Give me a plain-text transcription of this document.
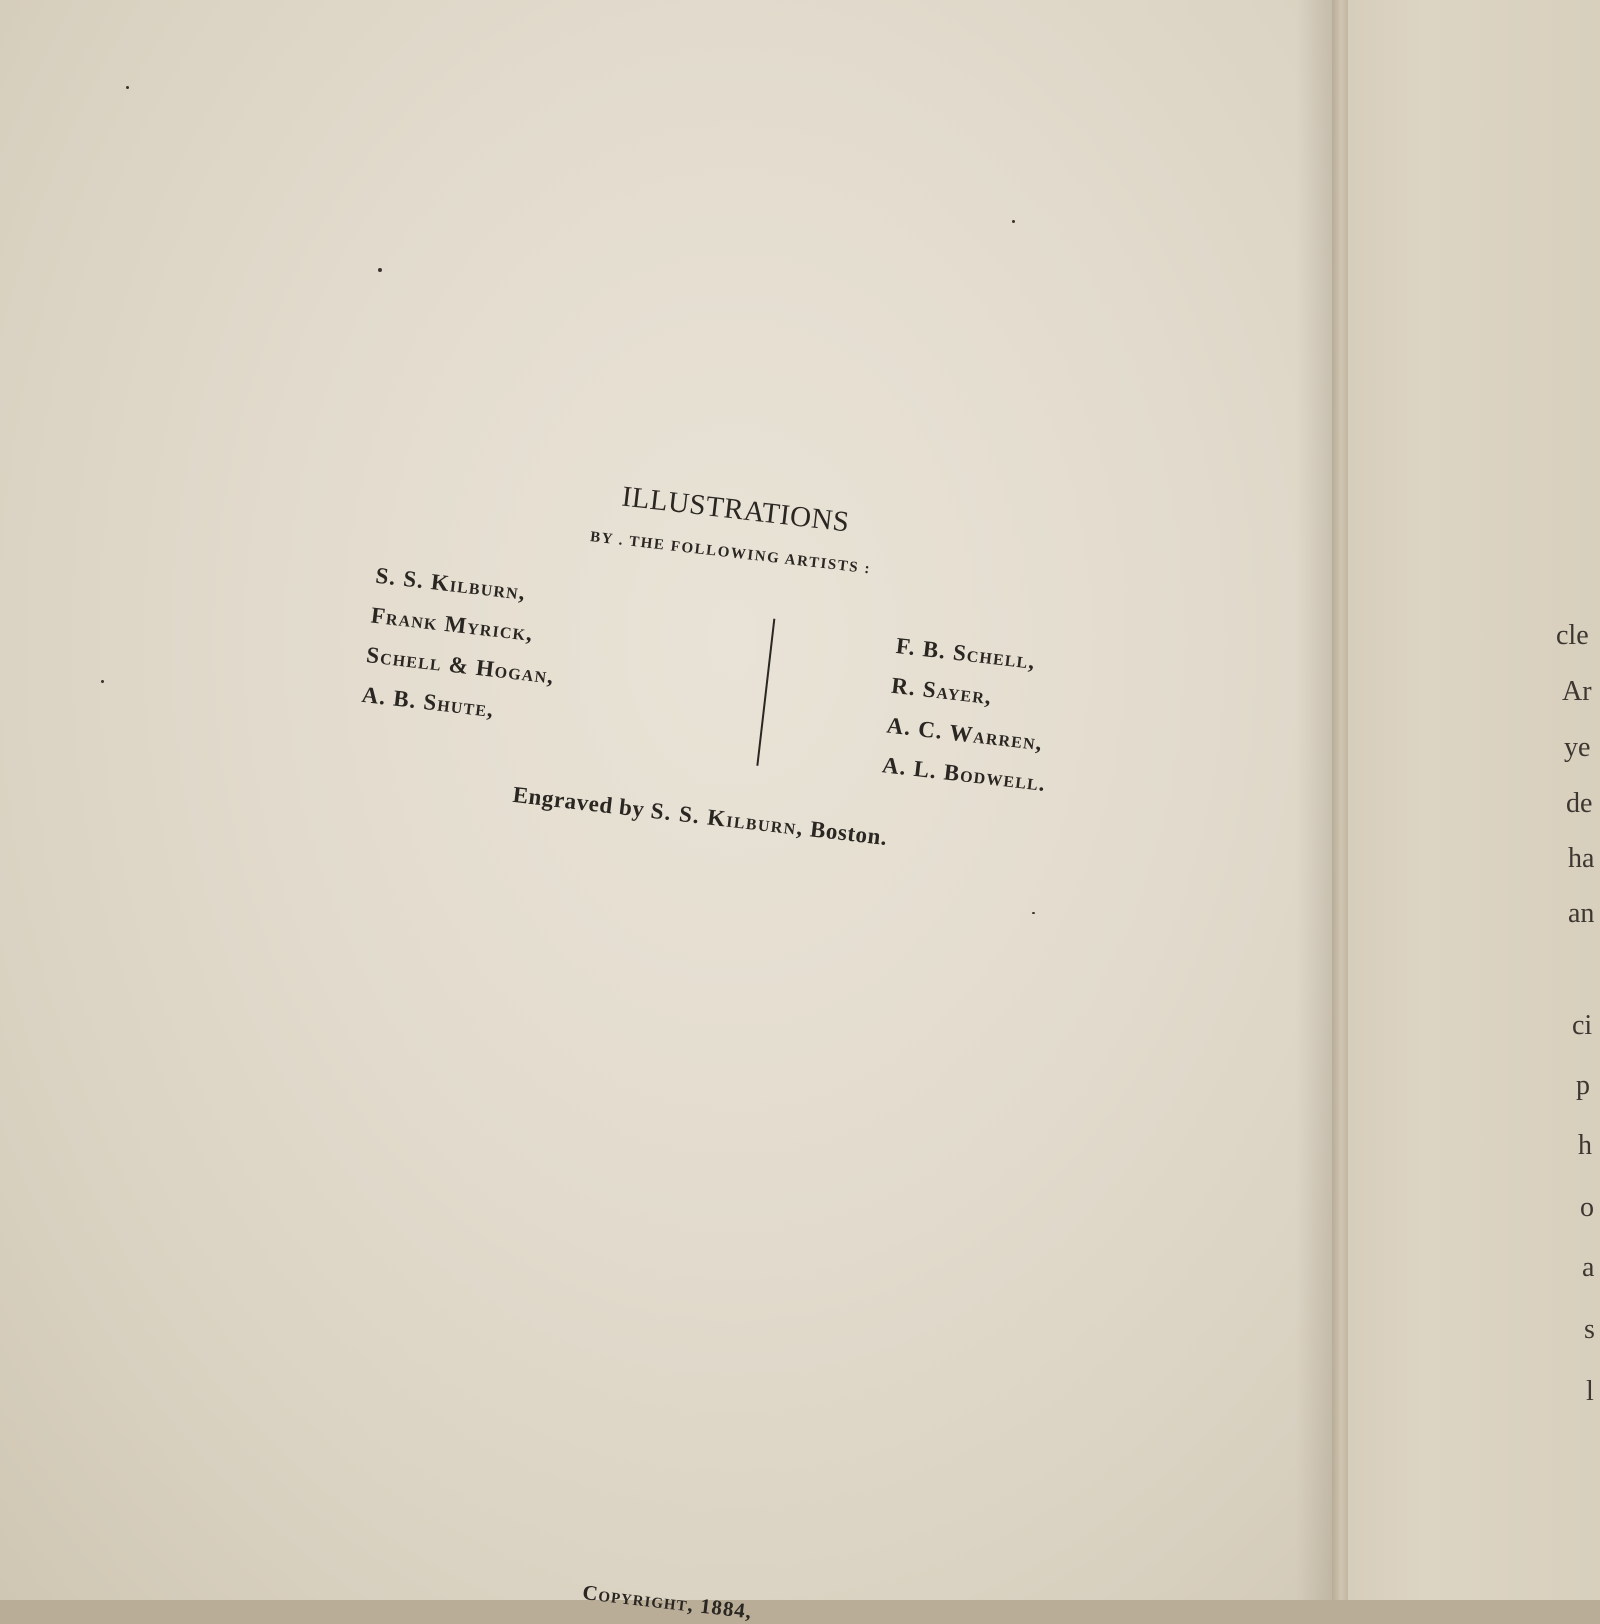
ILLUSTRATIONS
BY . THE FOLLOWING ARTISTS :
S. S. Kilburn,
Frank Myrick,
Schell & Hogan,
A. B. Shute,
F. B. Schell,
R. Sayer,
A. C. Warren,
A. L. Bodwell.
Engraved by S. S. Kilburn, Boston.
Copyright, 1884,
cle
Ar
ye
de
ha
an
ci
p
h
o
a
s
l
